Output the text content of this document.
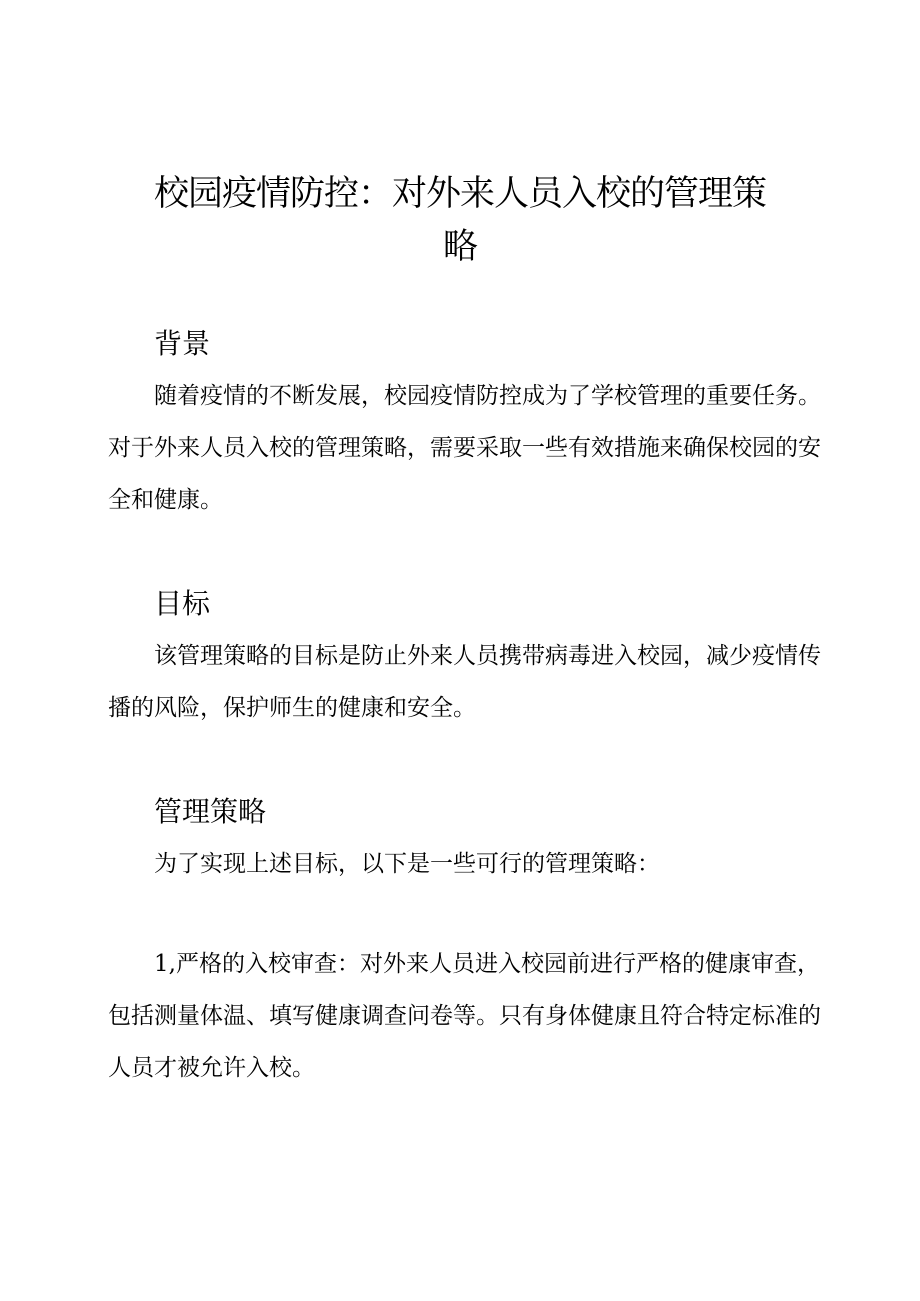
校园疫情防控：对外来人员入校的管理策略
背景

随着疫情的不断发展，校园疫情防控成为了学校管理的重要任务。对于外来人员入校的管理策略，需要采取一些有效措施来确保校园的安全和健康。

目标

该管理策略的目标是防止外来人员携带病毒进入校园，减少疫情传播的风险，保护师生的健康和安全。

管理策略

为了实现上述目标，以下是一些可行的管理策略：

1,严格的入校审查：对外来人员进入校园前进行严格的健康审查，包括测量体温、填写健康调查问卷等。只有身体健康且符合特定标准的人员才被允许入校。
